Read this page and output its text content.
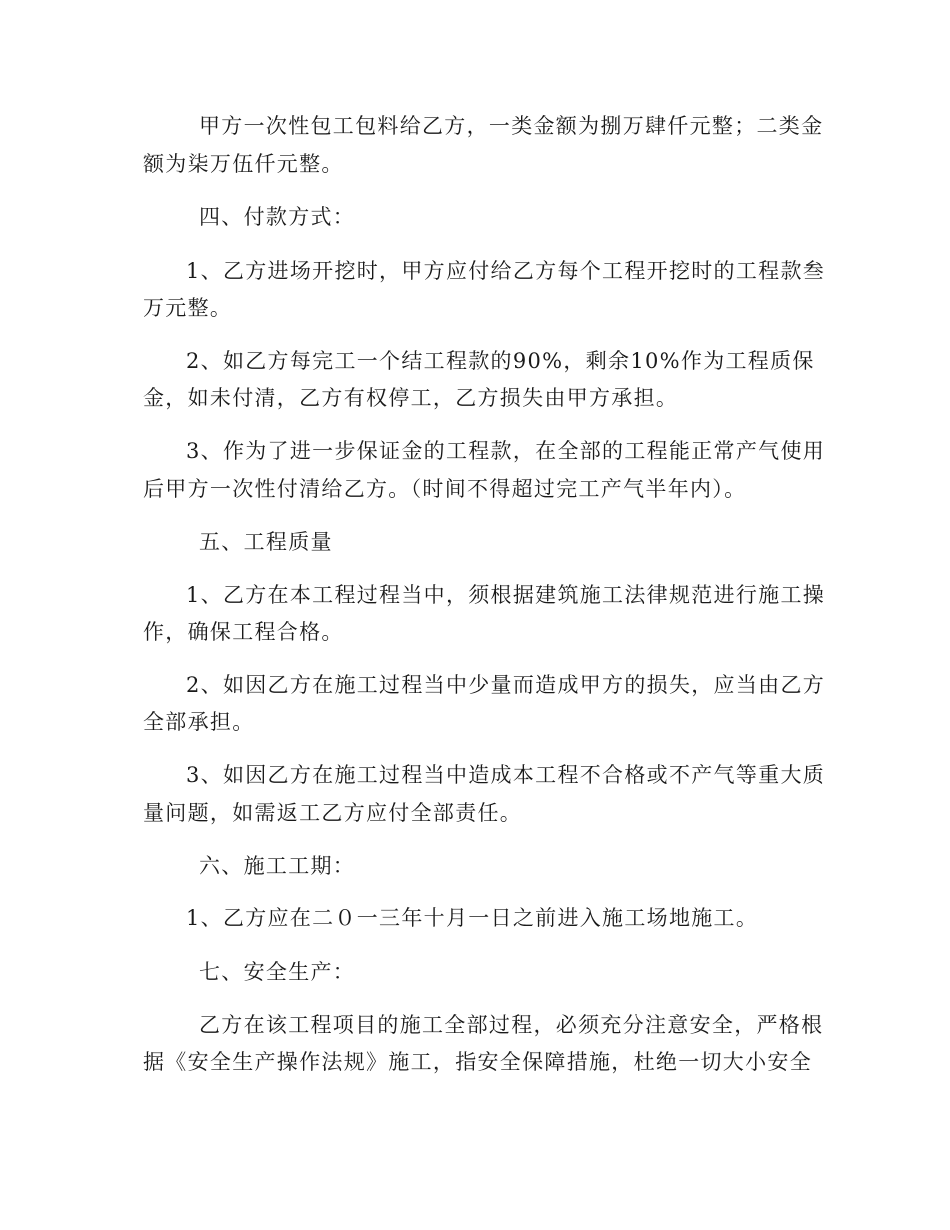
甲方一次性包工包料给乙方，一类金额为捌万肆仟元整；二类金

额为柒万伍仟元整。

四、付款方式：

1、乙方进场开挖时，甲方应付给乙方每个工程开挖时的工程款叁

万元整。

2、如乙方每完工一个结工程款的90%，剩余10%作为工程质保

金，如未付清，乙方有权停工，乙方损失由甲方承担。

3、作为了进一步保证金的工程款，在全部的工程能正常产气使用

后甲方一次性付清给乙方。（时间不得超过完工产气半年内）。

五、工程质量

1、乙方在本工程过程当中，须根据建筑施工法律规范进行施工操

作，确保工程合格。

2、如因乙方在施工过程当中少量而造成甲方的损失，应当由乙方

全部承担。

3、如因乙方在施工过程当中造成本工程不合格或不产气等重大质

量问题，如需返工乙方应付全部责任。

六、施工工期：

1、乙方应在二０一三年十月一日之前进入施工场地施工。

七、安全生产：

乙方在该工程项目的施工全部过程，必须充分注意安全，严格根

据《安全生产操作法规》施工，指安全保障措施，杜绝一切大小安全
